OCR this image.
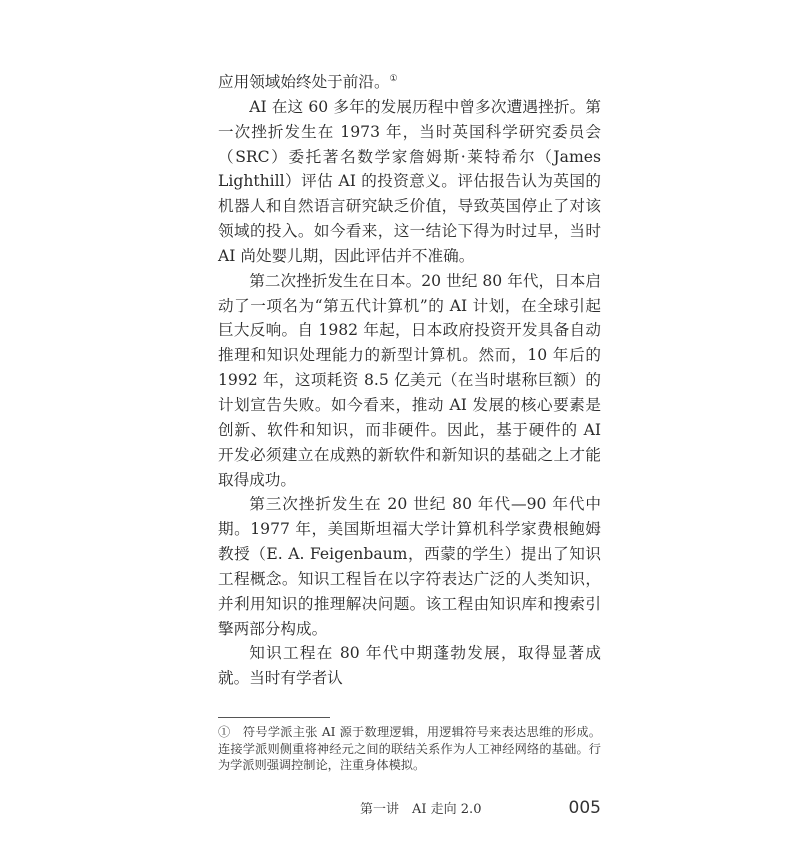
应用领域始终处于前沿。①

AI 在这 60 多年的发展历程中曾多次遭遇挫折。第一次挫折发生在 1973 年，当时英国科学研究委员会（SRC）委托著名数学家詹姆斯·莱特希尔（James Lighthill）评估 AI 的投资意义。评估报告认为英国的机器人和自然语言研究缺乏价值，导致英国停止了对该领域的投入。如今看来，这一结论下得为时过早，当时 AI 尚处婴儿期，因此评估并不准确。

第二次挫折发生在日本。20 世纪 80 年代，日本启动了一项名为“第五代计算机”的 AI 计划，在全球引起巨大反响。自 1982 年起，日本政府投资开发具备自动推理和知识处理能力的新型计算机。然而，10 年后的 1992 年，这项耗资 8.5 亿美元（在当时堪称巨额）的计划宣告失败。如今看来，推动 AI 发展的核心要素是创新、软件和知识，而非硬件。因此，基于硬件的 AI 开发必须建立在成熟的新软件和新知识的基础之上才能取得成功。

第三次挫折发生在 20 世纪 80 年代—90 年代中期。1977 年，美国斯坦福大学计算机科学家费根鲍姆教授（E. A. Feigenbaum，西蒙的学生）提出了知识工程概念。知识工程旨在以字符表达广泛的人类知识，并利用知识的推理解决问题。该工程由知识库和搜索引擎两部分构成。

知识工程在 80 年代中期蓬勃发展，取得显著成就。当时有学者认

①　符号学派主张 AI 源于数理逻辑，用逻辑符号来表达思维的形成。连接学派则侧重将神经元之间的联结关系作为人工神经网络的基础。行为学派则强调控制论，注重身体模拟。
第一讲　AI 走向 2.0	005
